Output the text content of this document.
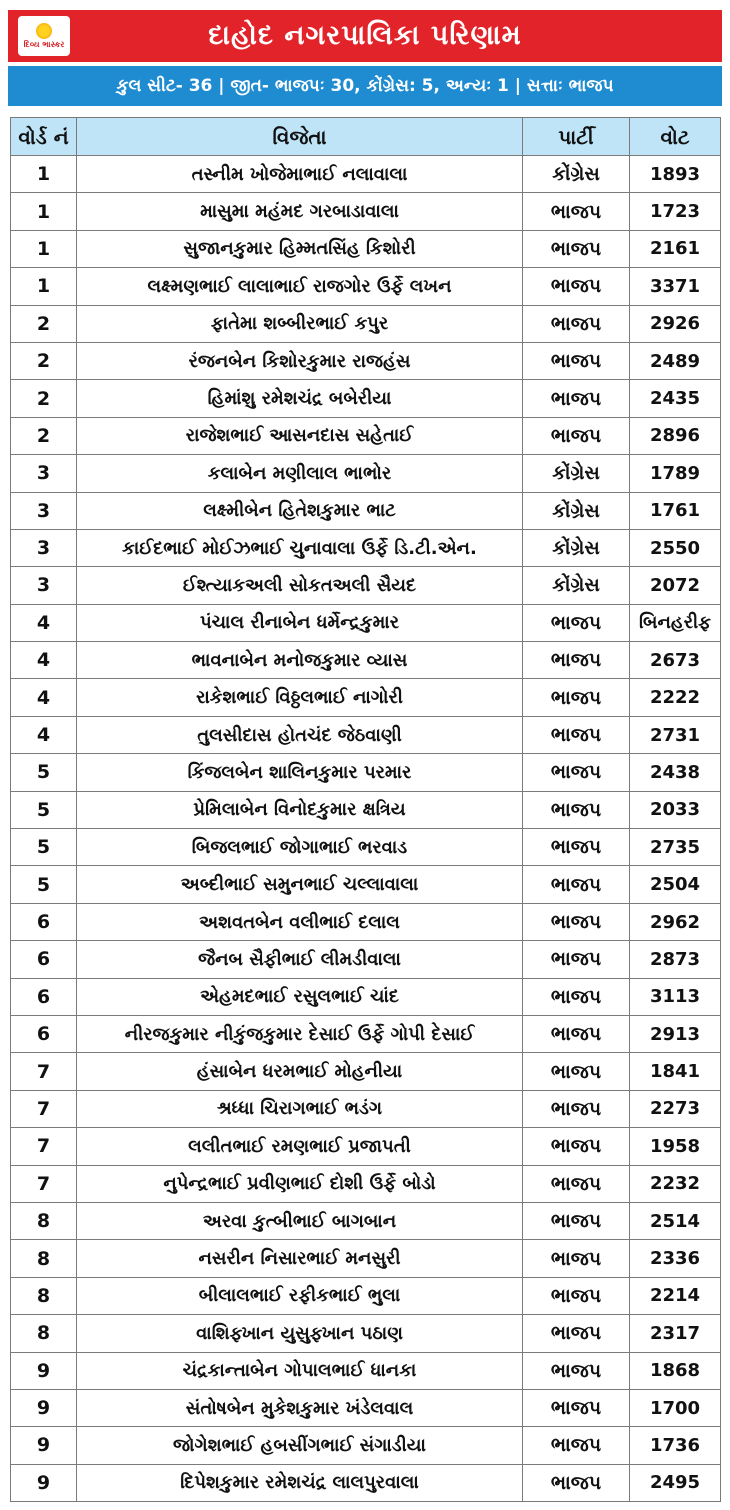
દિવ્ય ભાસ્કર	દાહોદ નગરપાલિકા પરિણામ
કુલ સીટ- 36 | જીત- ભાજપઃ 30, કોંગ્રેસ: 5, અન્યઃ 1 | સત્તાઃ ભાજપ
વોર્ડ નં	વિજેતા	પાર્ટી	વોટ
1	તસ્નીમ ખોજેમાભાઈ નલાવાલા	કોંગ્રેસ	1893
1	માસુમા મહંમદ ગરબાડાવાલા	ભાજપ	1723
1	સુજાનકુમાર હિમ્મતસિંહ કિશોરી	ભાજપ	2161
1	લક્ષ્મણભાઈ લાલાભાઈ રાજગોર ઉર્ફે લખન	ભાજપ	3371
2	ફાતેમા શબ્બીરભાઈ કપુર	ભાજપ	2926
2	રંજનબેન કિશોરકુમાર રાજહંસ	ભાજપ	2489
2	હિમાંશુ રમેશચંદ્ર બબેરીયા	ભાજપ	2435
2	રાજેશભાઈ આસનદાસ સહેતાઈ	ભાજપ	2896
3	કલાબેન મણીલાલ ભાભોર	કોંગ્રેસ	1789
3	લક્ષ્મીબેન હિતેશકુમાર ભાટ	કોંગ્રેસ	1761
3	કાઈદભાઈ મોઈઝભાઈ ચુનાવાલા ઉર્ફે ડિ.ટી.એન.	કોંગ્રેસ	2550
3	ઈશ્ત્યાકઅલી સોકતઅલી સૈયદ	કોંગ્રેસ	2072
4	પંચાલ રીનાબેન ધર્મેન્દ્રકુમાર	ભાજપ	બિનહરીફ
4	ભાવનાબેન મનોજકુમાર વ્યાસ	ભાજપ	2673
4	રાકેશભાઈ વિઠ્ઠલભાઈ નાગોરી	ભાજપ	2222
4	તુલસીદાસ હોતચંદ જેઠવાણી	ભાજપ	2731
5	કિંજલબેન શાલિનકુમાર પરમાર	ભાજપ	2438
5	પ્રેમિલાબેન વિનોદકુમાર ક્ષત્રિય	ભાજપ	2033
5	બિજલભાઈ જોગાભાઈ ભરવાડ	ભાજપ	2735
5	અબ્દીભાઈ સમુનભાઈ ચલ્લાવાલા	ભાજપ	2504
6	અશવતબેન વલીભાઈ દલાલ	ભાજપ	2962
6	જૈનબ સૈફીભાઈ લીમડીવાલા	ભાજપ	2873
6	એહમદભાઈ રસુલભાઈ ચાંદ	ભાજપ	3113
6	નીરજકુમાર નીકુંજકુમાર દેસાઈ ઉર્ફે ગોપી દેસાઈ	ભાજપ	2913
7	હંસાબેન ધરમભાઈ મોહનીયા	ભાજપ	1841
7	શ્રધ્ધા ચિરાગભાઈ ભડંગ	ભાજપ	2273
7	લલીતભાઈ રમણભાઈ પ્રજાપતી	ભાજપ	1958
7	નુપેન્દ્રભાઈ પ્રવીણભાઈ દોશી ઉર્ફે બોડો	ભાજપ	2232
8	અરવા કુત્બીભાઈ બાગબાન	ભાજપ	2514
8	નસરીન નિસારભાઈ મનસુરી	ભાજપ	2336
8	બીલાલભાઈ રફીકભાઈ ભુલા	ભાજપ	2214
8	વાશિફ્ખાન યુસુફ્ખાન પઠાણ	ભાજપ	2317
9	ચંદ્રકાન્તાબેન ગોપાલભાઈ ધાનકા	ભાજપ	1868
9	સંતોષબેન મુકેશકુમાર ખંડેલવાલ	ભાજપ	1700
9	જોગેશભાઈ હબસીંગભાઈ સંગાડીયા	ભાજપ	1736
9	દિપેશકુમાર રમેશચંદ્ર લાલપુરવાલા	ભાજપ	2495
